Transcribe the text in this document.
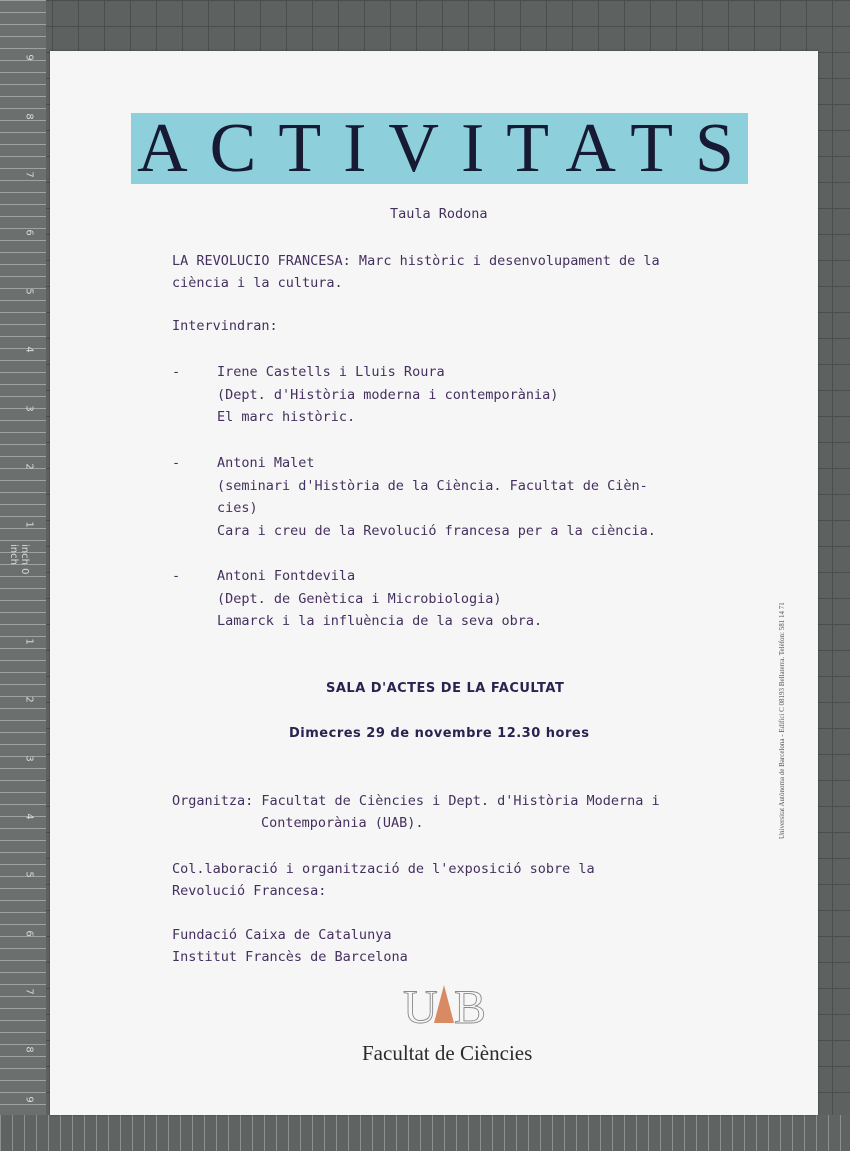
9
8
7
6
5
4
3
2
1
inch 0 inch
1
2
3
4
5
6
7
8
9
ACTIVITATS
Taula Rodona
LA REVOLUCIO FRANCESA: Marc històric i desenvolupament de la
ciència i la cultura.
Intervindran:
-	Irene Castells i Lluis Roura
(Dept. d'Història moderna i contemporània)
El marc històric.
-	Antoni Malet
(seminari d'Història de la Ciència. Facultat de Cièn-
cies)
Cara i creu de la Revolució francesa per a la ciència.
-	Antoni Fontdevila
(Dept. de Genètica i Microbiologia)
Lamarck i la influència de la seva obra.
SALA D'ACTES DE LA FACULTAT
Dimecres 29 de novembre 12.30 hores
Organitza: Facultat de Ciències i Dept. d'Història Moderna i
Contemporània (UAB).
Col.laboració i organització de l'exposició sobre la
Revolució Francesa:
Fundació Caixa de Catalunya
Institut Francès de Barcelona
U B
Facultat de Ciències
Universitat Autònoma de Barcelona - Edifici C 08193 Bellaterra. Telèfon: 581 14 71
